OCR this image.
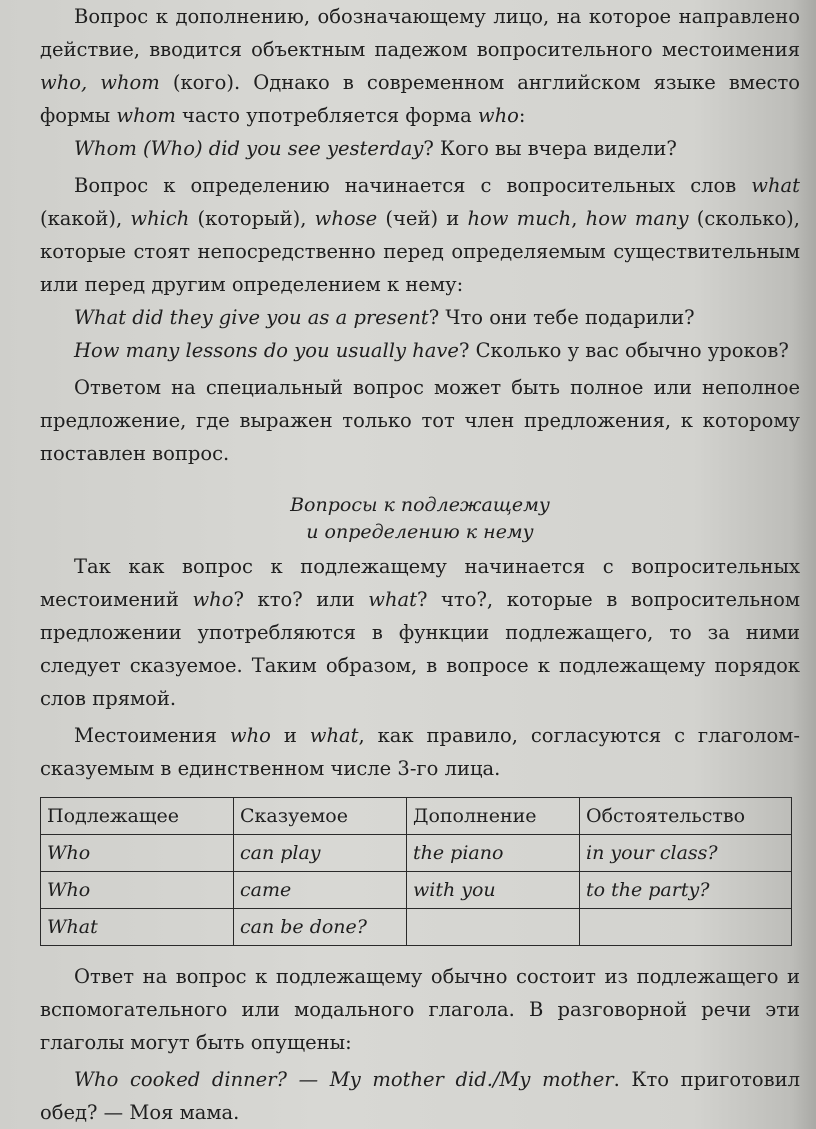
Вопрос к дополнению, обозначающему лицо, на которое направлено действие, вводится объектным падежом вопросительного местоимения who, whom (кого). Однако в современном английском языке вместо формы whom часто употребляется форма who:

Whom (Who) did you see yesterday? Кого вы вчера видели?

Вопрос к определению начинается с вопросительных слов what (какой), which (который), whose (чей) и how much, how many (сколько), которые стоят непосредственно перед определяемым существительным или перед другим определением к нему:

What did they give you as a present? Что они тебе подарили?

How many lessons do you usually have? Сколько у вас обычно уроков?

Ответом на специальный вопрос может быть полное или неполное предложение, где выражен только тот член предложения, к которому поставлен вопрос.

Вопросы к подлежащему
и определению к нему

Так как вопрос к подлежащему начинается с вопросительных местоимений who? кто? или what? что?, которые в вопросительном предложении употребляются в функции подлежащего, то за ними следует сказуемое. Таким образом, в вопросе к подлежащему порядок слов прямой.

Местоимения who и what, как правило, согласуются с глаголом-сказуемым в единственном числе 3-го лица.

Подлежащее	Сказуемое	Дополнение	Обстоятельство
Who	can play	the piano	in your class?
Who	came	with you	to the party?
What	can be done?		

Ответ на вопрос к подлежащему обычно состоит из подлежащего и вспомогательного или модального глагола. В разговорной речи эти глаголы могут быть опущены:

Who cooked dinner? — My mother did./My mother. Кто приготовил обед? — Моя мама.
